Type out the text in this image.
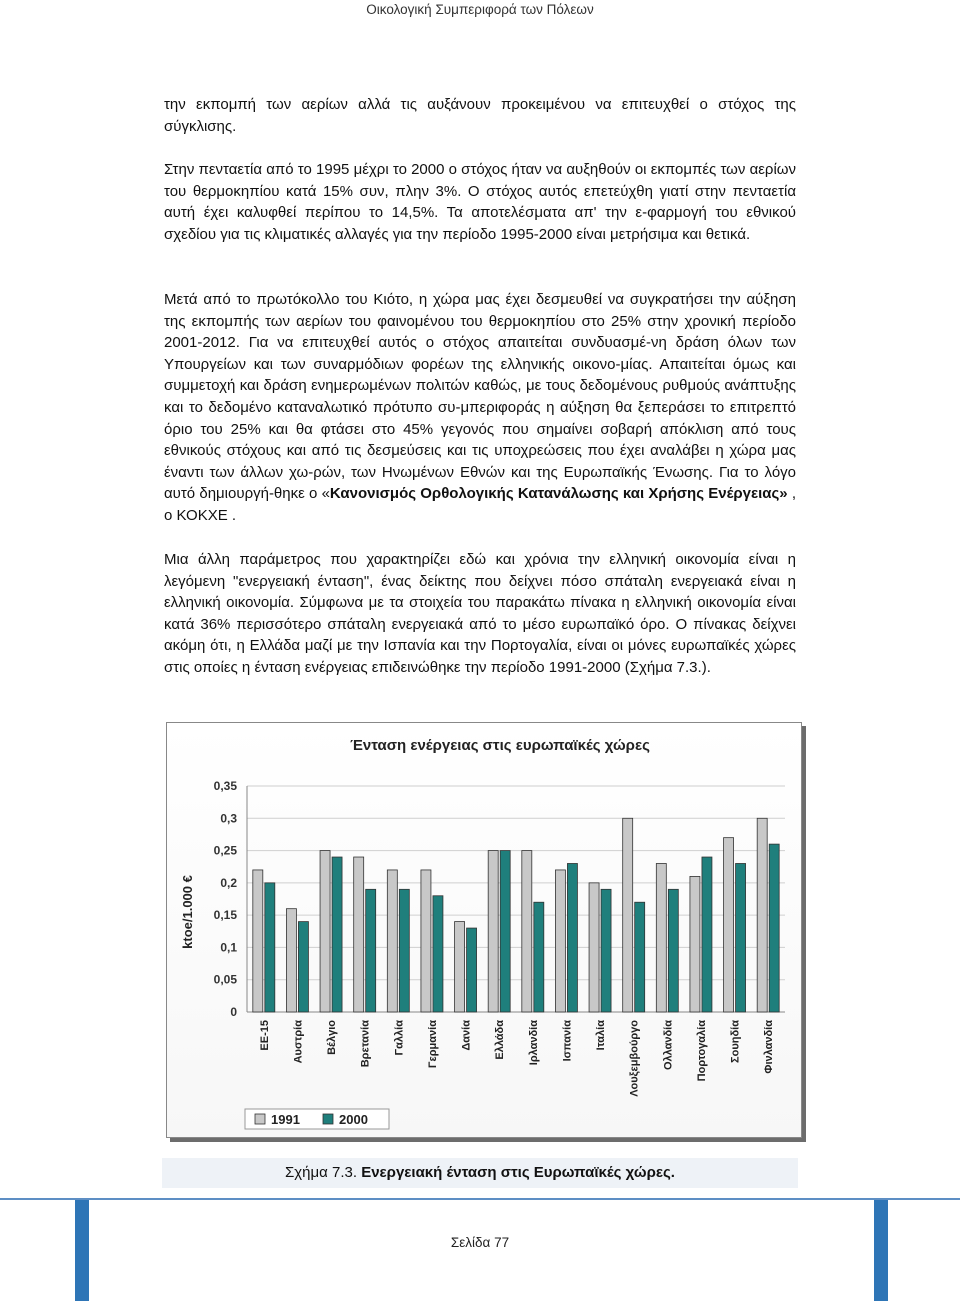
Οικολογική Συμπεριφορά των Πόλεων

την εκπομπή των αερίων αλλά τις αυξάνουν προκειμένου να επιτευχθεί ο στόχος της σύγκλισης.

Στην πενταετία από το 1995 μέχρι το 2000 ο στόχος ήταν να αυξηθούν οι εκπομπές των αερίων του θερμοκηπίου κατά 15% συν, πλην 3%. Ο στόχος αυτός επετεύχθη γιατί στην πενταετία αυτή έχει καλυφθεί περίπου το 14,5%. Τα αποτελέσματα απ' την ε-φαρμογή του εθνικού σχεδίου για τις κλιματικές αλλαγές για την περίοδο 1995-2000 είναι μετρήσιμα και θετικά.

Μετά από το πρωτόκολλο του Κιότο, η χώρα μας έχει δεσμευθεί να συγκρατήσει την αύξηση της εκπομπής των αερίων του φαινομένου του θερμοκηπίου στο 25% στην χρονική περίοδο 2001-2012. Για να επιτευχθεί αυτός ο στόχος απαιτείται συνδυασμέ-νη δράση όλων των Υπουργείων και των συναρμόδιων φορέων της ελληνικής οικονο-μίας. Απαιτείται όμως και συμμετοχή και δράση ενημερωμένων πολιτών καθώς, με τους δεδομένους ρυθμούς ανάπτυξης και το δεδομένο καταναλωτικό πρότυπο συ-μπεριφοράς η αύξηση θα ξεπεράσει το επιτρεπτό όριο του 25% και θα φτάσει στο 45% γεγονός που σημαίνει σοβαρή απόκλιση από τους εθνικούς στόχους και από τις δεσμεύσεις και τις υποχρεώσεις που έχει αναλάβει η χώρα μας έναντι των άλλων χω-ρών, των Ηνωμένων Εθνών και της Ευρωπαϊκής Ένωσης. Για το λόγο αυτό δημιουργή-θηκε ο «Κανονισμός Ορθολογικής Κατανάλωσης και Χρήσης Ενέργειας» , ο ΚΟΚΧΕ .

Μια άλλη παράμετρος που χαρακτηρίζει εδώ και χρόνια την ελληνική οικονομία είναι η λεγόμενη "ενεργειακή ένταση", ένας δείκτης που δείχνει πόσο σπάταλη ενεργειακά είναι η ελληνική οικονομία. Σύμφωνα με τα στοιχεία του παρακάτω πίνακα η ελληνική οικονομία είναι κατά 36% περισσότερο σπάταλη ενεργειακά από το μέσο ευρωπαϊκό όρο. Ο πίνακας δείχνει ακόμη ότι, η Ελλάδα μαζί με την Ισπανία και την Πορτογαλία, είναι οι μόνες ευρωπαϊκές χώρες στις οποίες η ένταση ενέργειας επιδεινώθηκε την περίοδο 1991-2000 (Σχήμα 7.3.).

Ένταση ενέργειας στις ευρωπαϊκές χώρες
ktoe/1.000 €
0
0,05
0,1
0,15
0,2
0,25
0,3
0,35
ΕΕ-15 Αυστρία Βέλγιο Βρετανία Γαλλία Γερμανία Δανία Ελλάδα Ιρλανδία Ισπανία Ιταλία Λουξεμβούργο Ολλανδία Πορτογαλία Σουηδία Φινλανδία
1991	2000
Σχήμα 7.3. Ενεργειακή ένταση στις Ευρωπαϊκές χώρες.
Σελίδα 77
